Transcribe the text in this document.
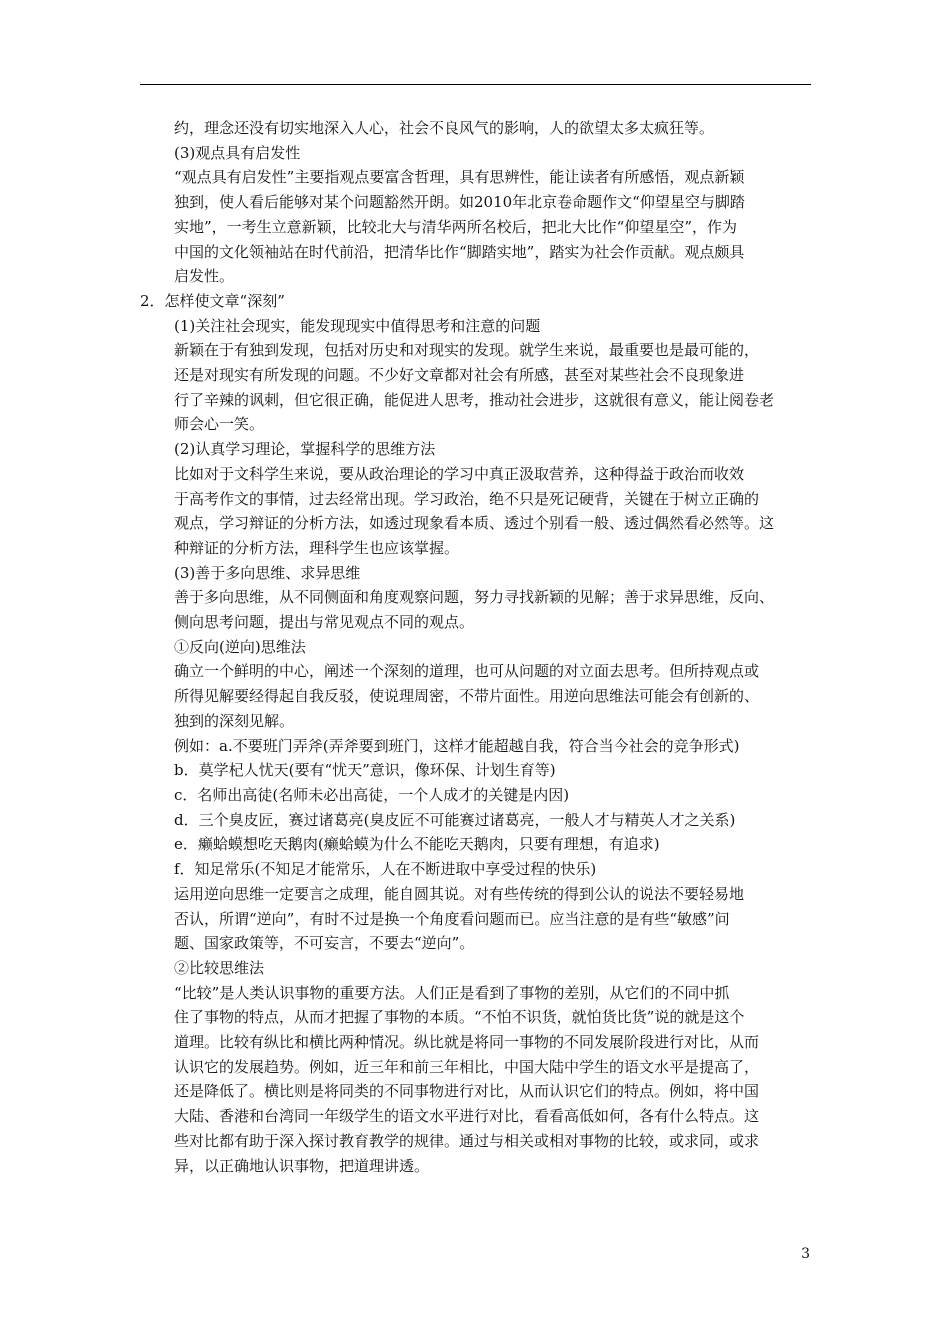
约，理念还没有切实地深入人心，社会不良风气的影响，人的欲望太多太疯狂等。
(3)观点具有启发性
“观点具有启发性”主要指观点要富含哲理，具有思辨性，能让读者有所感悟，观点新颖
独到，使人看后能够对某个问题豁然开朗。如2010年北京卷命题作文“仰望星空与脚踏
实地”，一考生立意新颖，比较北大与清华两所名校后，把北大比作“仰望星空”，作为
中国的文化领袖站在时代前沿，把清华比作“脚踏实地”，踏实为社会作贡献。观点颇具
启发性。
2．怎样使文章“深刻”
(1)关注社会现实，能发现现实中值得思考和注意的问题
新颖在于有独到发现，包括对历史和对现实的发现。就学生来说，最重要也是最可能的，
还是对现实有所发现的问题。不少好文章都对社会有所感，甚至对某些社会不良现象进
行了辛辣的讽刺，但它很正确，能促进人思考，推动社会进步，这就很有意义，能让阅卷老
师会心一笑。
(2)认真学习理论，掌握科学的思维方法
比如对于文科学生来说，要从政治理论的学习中真正汲取营养，这种得益于政治而收效
于高考作文的事情，过去经常出现。学习政治，绝不只是死记硬背，关键在于树立正确的
观点，学习辩证的分析方法，如透过现象看本质、透过个别看一般、透过偶然看必然等。这
种辩证的分析方法，理科学生也应该掌握。
(3)善于多向思维、求异思维
善于多向思维，从不同侧面和角度观察问题，努力寻找新颖的见解；善于求异思维，反向、
侧向思考问题，提出与常见观点不同的观点。
①反向(逆向)思维法
确立一个鲜明的中心，阐述一个深刻的道理，也可从问题的对立面去思考。但所持观点或
所得见解要经得起自我反驳，使说理周密，不带片面性。用逆向思维法可能会有创新的、
独到的深刻见解。
例如：a.不要班门弄斧(弄斧要到班门，这样才能超越自我，符合当今社会的竞争形式)
b．莫学杞人忧天(要有“忧天”意识，像环保、计划生育等)
c．名师出高徒(名师未必出高徒，一个人成才的关键是内因)
d．三个臭皮匠，赛过诸葛亮(臭皮匠不可能赛过诸葛亮，一般人才与精英人才之关系)
e．癞蛤蟆想吃天鹅肉(癞蛤蟆为什么不能吃天鹅肉，只要有理想，有追求)
f．知足常乐(不知足才能常乐，人在不断进取中享受过程的快乐)
运用逆向思维一定要言之成理，能自圆其说。对有些传统的得到公认的说法不要轻易地
否认，所谓“逆向”，有时不过是换一个角度看问题而已。应当注意的是有些“敏感”问
题、国家政策等，不可妄言，不要去“逆向”。
②比较思维法
“比较”是人类认识事物的重要方法。人们正是看到了事物的差别，从它们的不同中抓
住了事物的特点，从而才把握了事物的本质。“不怕不识货，就怕货比货”说的就是这个
道理。比较有纵比和横比两种情况。纵比就是将同一事物的不同发展阶段进行对比，从而
认识它的发展趋势。例如，近三年和前三年相比，中国大陆中学生的语文水平是提高了，
还是降低了。横比则是将同类的不同事物进行对比，从而认识它们的特点。例如，将中国
大陆、香港和台湾同一年级学生的语文水平进行对比，看看高低如何，各有什么特点。这
些对比都有助于深入探讨教育教学的规律。通过与相关或相对事物的比较，或求同，或求
异，以正确地认识事物，把道理讲透。
3
